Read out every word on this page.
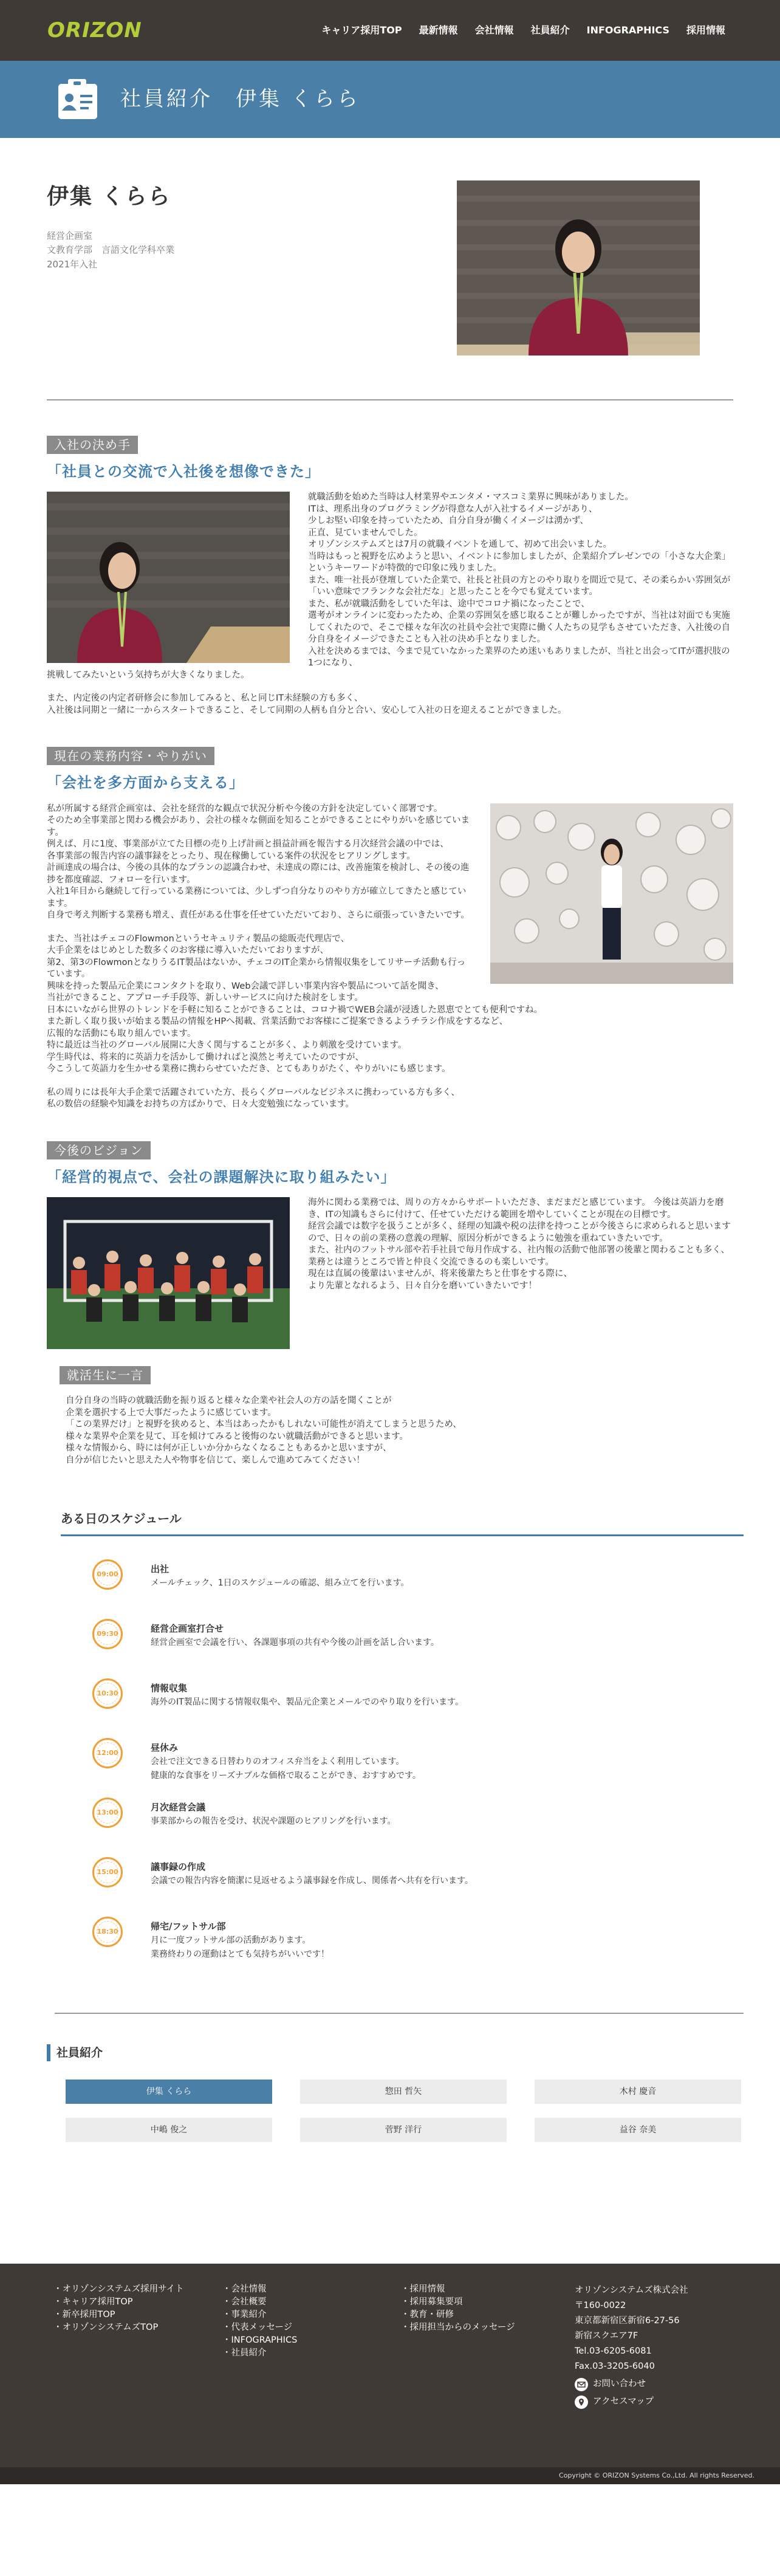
ORIZON	キャリア採用TOP 最新情報 会社情報 社員紹介 INFOGRAPHICS 採用情報
社員紹介　伊集 くらら
伊集 くらら
経営企画室
文教育学部　言語文化学科卒業
2021年入社
入社の決め手
「社員との交流で入社後を想像できた」

就職活動を始めた当時は人材業界やエンタメ・マスコミ業界に興味がありました。
ITは、理系出身のプログラミングが得意な人が入社するイメージがあり、
少しお堅い印象を持っていたため、自分自身が働くイメージは湧かず、
正直、見ていませんでした。
オリゾンシステムズとは7月の就職イベントを通して、初めて出会いました。
当時はもっと視野を広めようと思い、イベントに参加しましたが、企業紹介プレゼンでの「小さな大企業」というキーワードが特徴的で印象に残りました。
また、唯一社長が登壇していた企業で、社長と社員の方とのやり取りを間近で見て、その柔らかい雰囲気が「いい意味でフランクな会社だな」と思ったことを今でも覚えています。
また、私が就職活動をしていた年は、途中でコロナ禍になったことで、
選考がオンラインに変わったため、企業の雰囲気を感じ取ることが難しかったですが、当社は対面でも実施してくれたので、そこで様々な年次の社員や会社で実際に働く人たちの見学もさせていただき、入社後の自分自身をイメージできたことも入社の決め手となりました。
入社を決めるまでは、今まで見ていなかった業界のため迷いもありましたが、当社と出会ってITが選択肢の1つになり、
挑戦してみたいという気持ちが大きくなりました。

また、内定後の内定者研修会に参加してみると、私と同じIT未経験の方も多く、
入社後は同期と一緒に一からスタートできること、そして同期の人柄も自分と合い、安心して入社の日を迎えることができました。

現在の業務内容・やりがい
「会社を多方面から支える」

私が所属する経営企画室は、会社を経営的な観点で状況分析や今後の方針を決定していく部署です。
そのため全事業部と関わる機会があり、会社の様々な側面を知ることができることにやりがいを感じています。
例えば、月に1度、事業部が立てた目標の売り上げ計画と損益計画を報告する月次経営会議の中では、
各事業部の報告内容の議事録をとったり、現在稼働している案件の状況をヒアリングします。
計画達成の場合は、今後の具体的なプランの認識合わせ、未達成の際には、改善施策を検討し、その後の進捗を都度確認、フォローを行います。
入社1年目から継続して行っている業務については、少しずつ自分なりのやり方が確立してきたと感じています。
自身で考え判断する業務も増え、責任がある仕事を任せていただいており、さらに頑張っていきたいです。

また、当社はチェコのFlowmonというセキュリティ製品の総販売代理店で、
大手企業をはじめとした数多くのお客様に導入いただいておりますが、
第2、第3のFlowmonとなりうるIT製品はないか、チェコのIT企業から情報収集をしてリサーチ活動も行っています。
興味を持った製品元企業にコンタクトを取り、Web会議で詳しい事業内容や製品について話を聞き、
当社ができること、アプローチ手段等、新しいサービスに向けた検討をします。
日本にいながら世界のトレンドを手軽に知ることができることは、コロナ禍でWEB会議が浸透した恩恵でとても便利ですね。
また新しく取り扱いが始まる製品の情報をHPへ掲載、営業活動でお客様にご提案できるようチラシ作成をするなど、
広報的な活動にも取り組んでいます。
特に最近は当社のグローバル展開に大きく関与することが多く、より刺激を受けています。
学生時代は、将来的に英語力を活かして働ければと漠然と考えていたのですが、
今こうして英語力を生かせる業務に携わらせていただき、とてもありがたく、やりがいにも感じます。

私の周りには長年大手企業で活躍されていた方、長らくグローバルなビジネスに携わっている方も多く、
私の数倍の経験や知識をお持ちの方ばかりで、日々大変勉強になっています。

今後のビジョン
「経営的視点で、会社の課題解決に取り組みたい」

海外に関わる業務では、周りの方々からサポートいただき、まだまだと感じています。 今後は英語力を磨き、ITの知識もさらに付けて、任せていただける範囲を増やしていくことが現在の目標です。
経営会議では数字を扱うことが多く、経理の知識や税の法律を持つことが今後さらに求められると思いますので、日々の前の業務の意義の理解、原因分析ができるように勉強を重ねていきたいです。
また、社内のフットサル部や若手社員で毎月作成する、社内報の活動で他部署の後輩と関わることも多く、業務とは違うところで皆と仲良く交流できるのも楽しいです。
現在は直属の後輩はいませんが、将来後輩たちと仕事をする際に、
より先輩となれるよう、日々自分を磨いていきたいです！

就活生に一言

自分自身の当時の就職活動を振り返ると様々な企業や社会人の方の話を聞くことが
企業を選択する上で大事だったように感じています。
「この業界だけ」と視野を狭めると、本当はあったかもしれない可能性が消えてしまうと思うため、
様々な業界や企業を見て、耳を傾けてみると後悔のない就職活動ができると思います。
様々な情報から、時には何が正しいか分からなくなることもあるかと思いますが、
自分が信じたいと思えた人や物事を信じて、楽しんで進めてみてください！

ある日のスケジュール
09:00	出社
メールチェック、1日のスケジュールの確認、組み立てを行います。
09:30	経営企画室打合せ
経営企画室で会議を行い、各課題事項の共有や今後の計画を話し合います。
10:30	情報収集
海外のIT製品に関する情報収集や、製品元企業とメールでのやり取りを行います。
12:00	昼休み
会社で注文できる日替わりのオフィス弁当をよく利用しています。
健康的な食事をリーズナブルな価格で取ることができ、おすすめです。
13:00	月次経営会議
事業部からの報告を受け、状況や課題のヒアリングを行います。
15:00	議事録の作成
会議での報告内容を簡潔に見返せるよう議事録を作成し、関係者へ共有を行います。
18:30	帰宅/フットサル部
月に一度フットサル部の活動があります。
業務終わりの運動はとても気持ちがいいです！
社員紹介
伊集 くらら	惣田 哲矢	木村 慶音
中嶋 俊之	菅野 洋行	益谷 奈美
・ オリゾンシステムズ採用サイト
・ キャリア採用TOP
・ 新卒採用TOP
・ オリゾンシステムズTOP
・ 会社情報
・ 会社概要
・ 事業紹介
・ 代表メッセージ
・ INFOGRAPHICS
・ 社員紹介
・ 採用情報
・ 採用募集要項
・ 教育・研修
・ 採用担当からのメッセージ
オリゾンシステムズ株式会社
〒160-0022
東京都新宿区新宿6-27-56
新宿スクエア7F
Tel.03-6205-6081
Fax.03-3205-6040
お問い合わせ
アクセスマップ
Copyright © ORIZON Systems Co.,Ltd. All rights Reserved.
